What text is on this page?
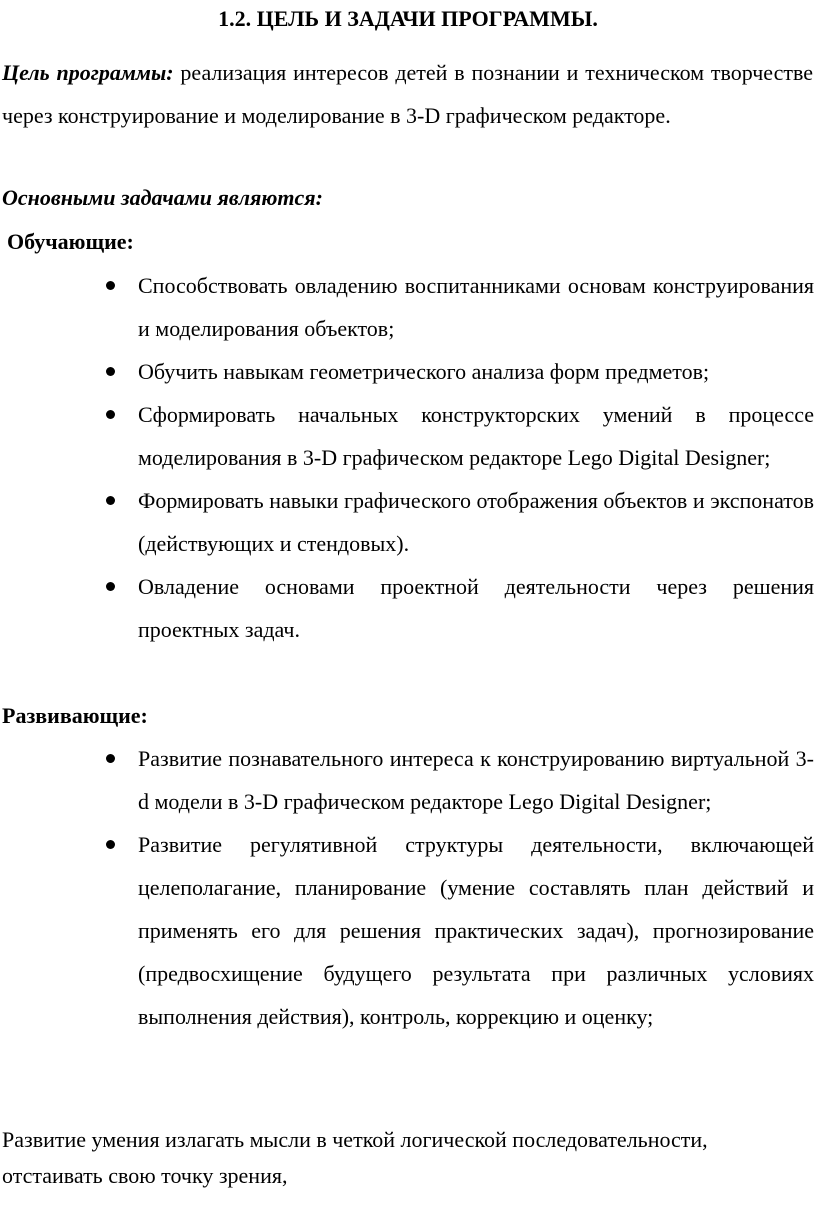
1.2. ЦЕЛЬ И ЗАДАЧИ ПРОГРАММЫ.
Цель программы: реализация интересов детей в познании и техническом творчестве через конструирование и моделирование в 3-D графическом редакторе.
Основными задачами являются:
Обучающие:
Способствовать овладению воспитанниками основам конструирования и моделирования объектов;
Обучить навыкам геометрического анализа форм предметов;
Сформировать начальных конструкторских умений в процессе моделирования в 3-D графическом редакторе Lego Digital Designer;
Формировать навыки графического отображения объектов и экспонатов (действующих и стендовых).
Овладение основами проектной деятельности через решения проектных задач.
Развивающие:
Развитие познавательного интереса к конструированию виртуальной 3-d модели в 3-D графическом редакторе Lego Digital Designer;
Развитие регулятивной структуры деятельности, включающей целеполагание, планирование (умение составлять план действий и применять его для решения практических задач), прогнозирование (предвосхищение будущего результата при различных условиях выполнения действия), контроль, коррекцию и оценку;
Развитие умения излагать мысли в четкой логической последовательности, отстаивать свою точку зрения,
